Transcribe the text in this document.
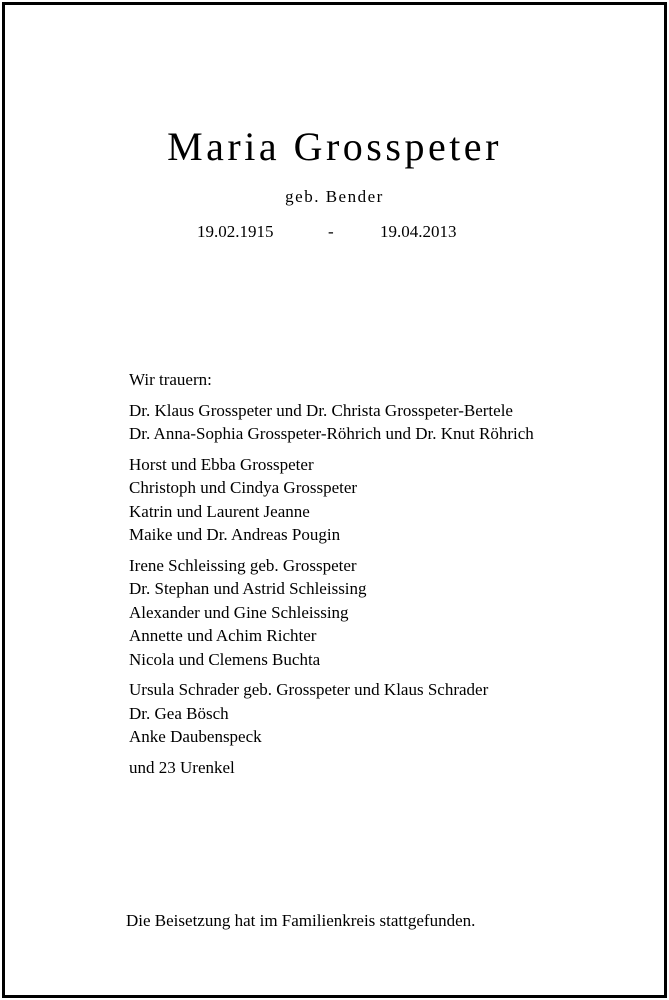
Maria Grosspeter
geb. Bender
19.02.1915	-	19.04.2013
Wir trauern:
Dr. Klaus Grosspeter und Dr. Christa Grosspeter-Bertele
Dr. Anna-Sophia Grosspeter-Röhrich und Dr. Knut Röhrich
Horst und Ebba Grosspeter
Christoph und Cindya Grosspeter
Katrin und Laurent Jeanne
Maike und Dr. Andreas Pougin
Irene Schleissing geb. Grosspeter
Dr. Stephan und Astrid Schleissing
Alexander und Gine Schleissing
Annette und Achim Richter
Nicola und Clemens Buchta
Ursula Schrader geb. Grosspeter und Klaus Schrader
Dr. Gea Bösch
Anke Daubenspeck
und 23 Urenkel
Die Beisetzung hat im Familienkreis stattgefunden.
